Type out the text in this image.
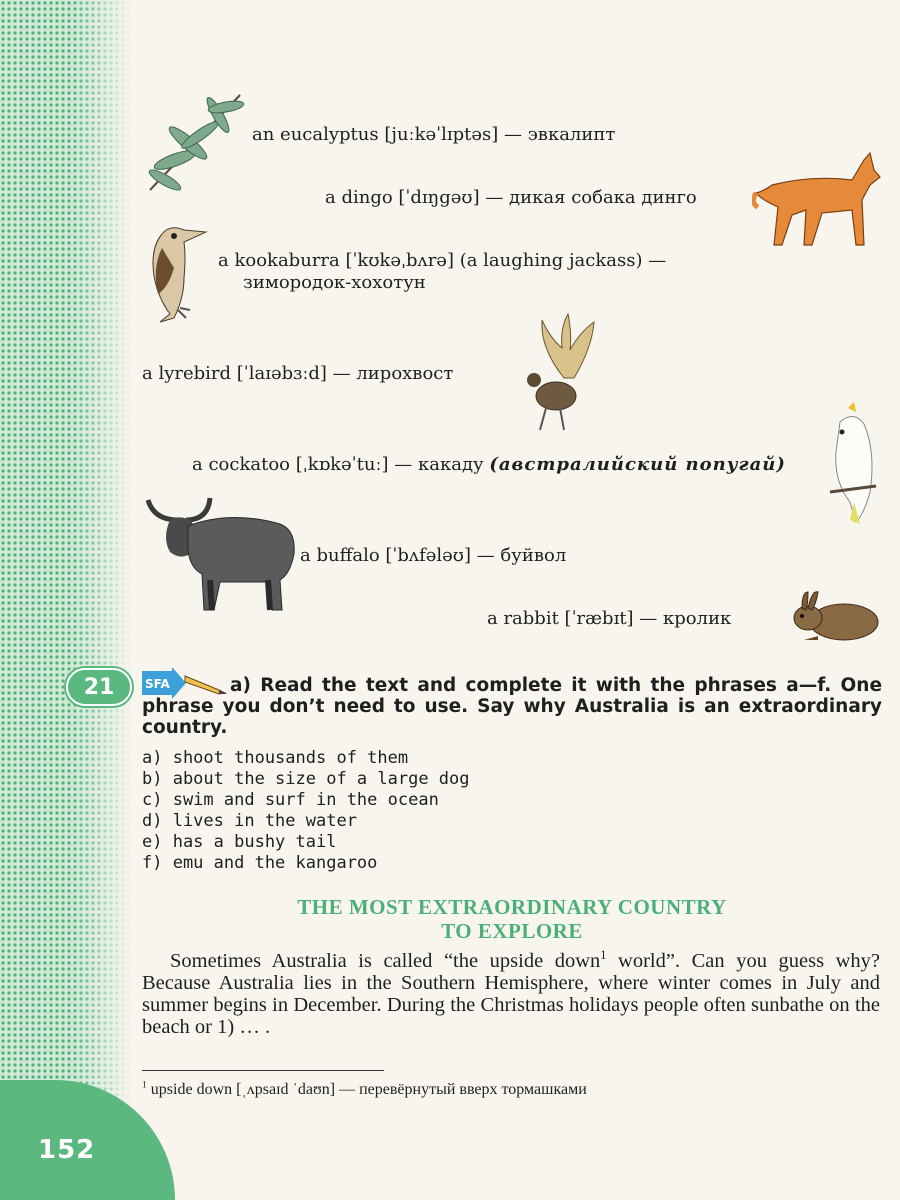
152
an eucalyptus [juːkəˈlɪptəs] — эвкалипт
a dingo [ˈdɪŋgəʊ] — дикая собака динго
a kookaburra [ˈkʊkəˌbʌrə] (a laughing jackass) —
зимородок-хохотун
a lyrebird [ˈlaɪəbɜːd] — лирохвост
a cockatoo [ˌkɒkəˈtuː] — какаду (австралийский попугай)
a buffalo [ˈbʌfələʊ] — буйвол
a rabbit [ˈræbɪt] — кролик
21	SFA	a) Read the text and complete it with the phrases a—f. One phrase you don’t need to use. Say why Australia is an extraordinary country.
a) shoot thousands of them
b) about the size of a large dog
c) swim and surf in the ocean
d) lives in the water
e) has a bushy tail
f) emu and the kangaroo
THE MOST EXTRAORDINARY COUNTRY
TO EXPLORE
Sometimes Australia is called “the upside down$^1$ world”. Can you guess why? Because Australia lies in the Southern Hemisphere, where winter comes in July and summer begins in December. During the Christmas holidays people often sunbathe on the beach or 1) … .
$^1$ upside down [ˌʌpsaɪd ˈdaʊn] — перевёрнутый вверх тормашками
